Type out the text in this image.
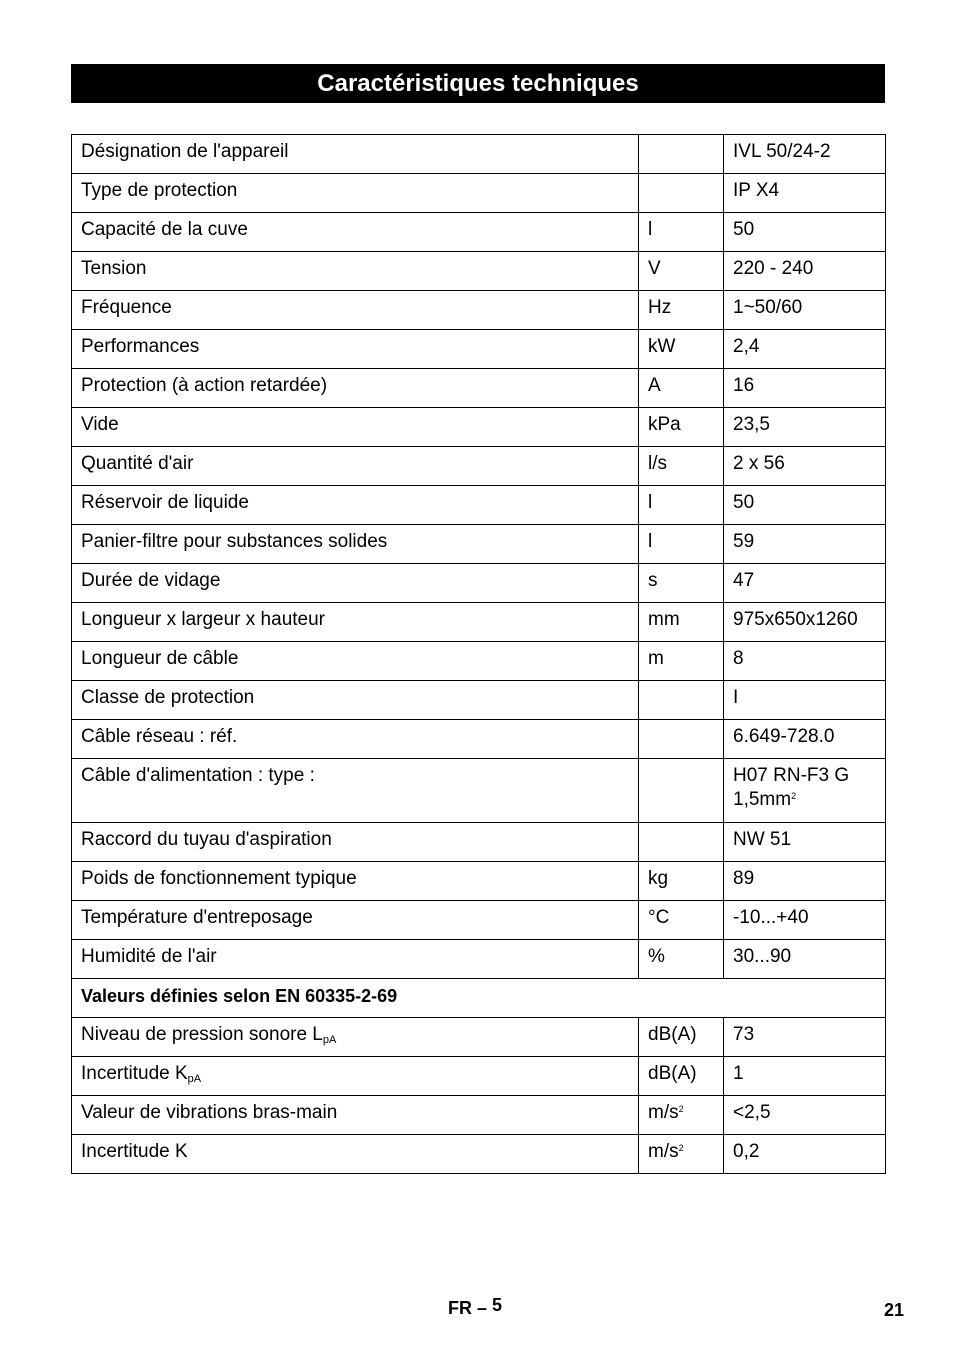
Caractéristiques techniques
Désignation de l'appareil		IVL 50/24-2
Type de protection		IP X4
Capacité de la cuve	l	50
Tension	V	220 - 240
Fréquence	Hz	1~50/60
Performances	kW	2,4
Protection (à action retardée)	A	16
Vide	kPa	23,5
Quantité d'air	l/s	2 x 56
Réservoir de liquide	l	50
Panier-filtre pour substances solides	l	59
Durée de vidage	s	47
Longueur x largeur x hauteur	mm	975x650x1260
Longueur de câble	m	8
Classe de protection		I
Câble réseau : réf.		6.649-728.0
Câble d'alimentation : type :		H07 RN-F3 G
$1,5mm^2$
Raccord du tuyau d'aspiration		NW 51
Poids de fonctionnement typique	kg	89
Température d'entreposage	°C	-10...+40
Humidité de l'air	%	30...90
Valeurs définies selon EN 60335-2-69		
Niveau de pression sonore $L_{pA}$	dB(A)	73
Incertitude $K_{pA}$	dB(A)	1
Valeur de vibrations bras-main	$m/s^2$	<2,5
Incertitude K	$m/s^2$	0,2
FR – 5	21
